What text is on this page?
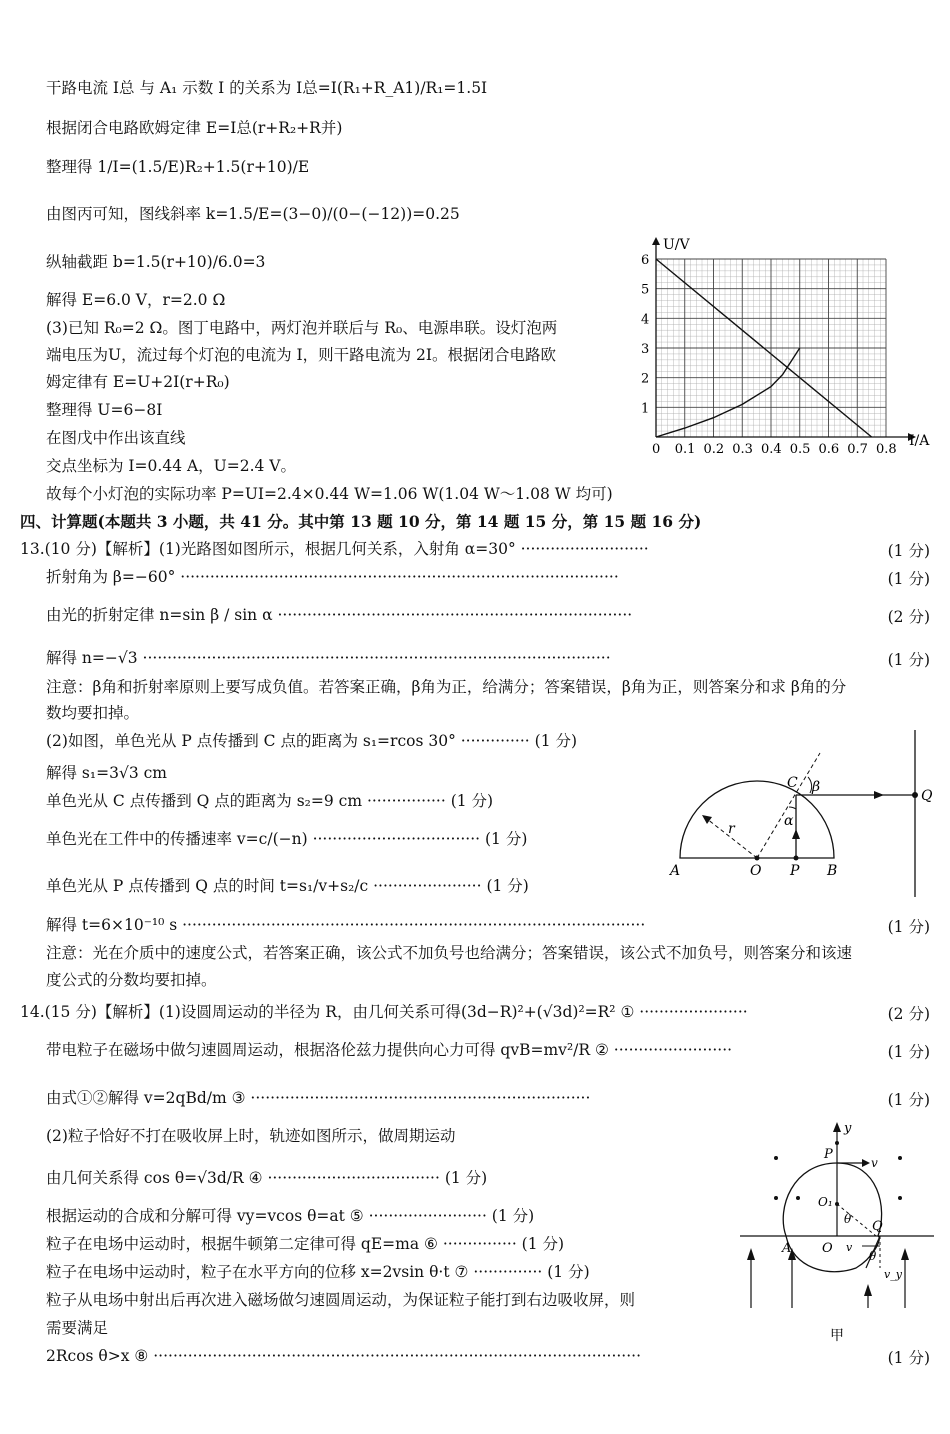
干路电流 I总 与 A₁ 示数 I 的关系为 I总=I(R₁+R_A1)/R₁=1.5I
根据闭合电路欧姆定律 E=I总(r+R₂+R并)
整理得 1/I=(1.5/E)R₂+1.5(r+10)/E
由图丙可知，图线斜率 k=1.5/E=(3−0)/(0−(−12))=0.25
纵轴截距 b=1.5(r+10)/6.0=3
解得 E=6.0 V，r=2.0 Ω
(3)已知 R₀=2 Ω。图丁电路中，两灯泡并联后与 R₀、电源串联。设灯泡两
端电压为U，流过每个灯泡的电流为 I，则干路电流为 2I。根据闭合电路欧
姆定律有 E=U+2I(r+R₀)
整理得 U=6−8I
在图戊中作出该直线
交点坐标为 I=0.44 A，U=2.4 V。
故每个小灯泡的实际功率 P=UI=2.4×0.44 W=1.06 W(1.04 W～1.08 W 均可)
四、计算题(本题共 3 小题，共 41 分。其中第 13 题 10 分，第 14 题 15 分，第 15 题 16 分)
13.(10 分)【解析】(1)光路图如图所示，根据几何关系，入射角 α=30° ··························	(1 分)
折射角为 β=−60° ·························································································	(1 分)
由光的折射定律 n=sin β / sin α ········································································	(2 分)
解得 n=−√3 ·······························································································	(1 分)
注意：β角和折射率原则上要写成负值。若答案正确，β角为正，给满分；答案错误，β角为正，则答案分和求 β角的分
数均要扣掉。
(2)如图，单色光从 P 点传播到 C 点的距离为 s₁=rcos 30° ·············· (1 分)
解得 s₁=3√3 cm
单色光从 C 点传播到 Q 点的距离为 s₂=9 cm ················ (1 分)
单色光在工件中的传播速率 v=c/(−n) ·································· (1 分)
单色光从 P 点传播到 Q 点的时间 t=s₁/v+s₂/c ······················ (1 分)
解得 t=6×10⁻¹⁰ s ······························································································	(1 分)
注意：光在介质中的速度公式，若答案正确，该公式不加负号也给满分；答案错误，该公式不加负号，则答案分和该速
度公式的分数均要扣掉。
14.(15 分)【解析】(1)设圆周运动的半径为 R，由几何关系可得(3d−R)²+(√3d)²=R² ① ······················	(2 分)
带电粒子在磁场中做匀速圆周运动，根据洛伦兹力提供向心力可得 qvB=mv²/R ② ························	(1 分)
由式①②解得 v=2qBd/m ③ ·····································································	(1 分)
(2)粒子恰好不打在吸收屏上时，轨迹如图所示，做周期运动
由几何关系得 cos θ=√3d/R ④ ··································· (1 分)
根据运动的合成和分解可得 vy=vcos θ=at ⑤ ························ (1 分)
粒子在电场中运动时，根据牛顿第二定律可得 qE=ma ⑥ ··············· (1 分)
粒子在电场中运动时，粒子在水平方向的位移 x=2vsin θ·t ⑦ ·············· (1 分)
粒子从电场中射出后再次进入磁场做匀速圆周运动，为保证粒子能打到右边吸收屏，则
需要满足
2Rcos θ>x ⑧ ···································································································	(1 分)
0 0.1 0.2 0.3 0.4 0.5 0.6 0.7 0.8
1
2
3
4
5
6
I/A
U/V
C β
α
Q
r
A	O P B
y
P
v
O₁
θ
θ
Q
A O v
v_y
甲
